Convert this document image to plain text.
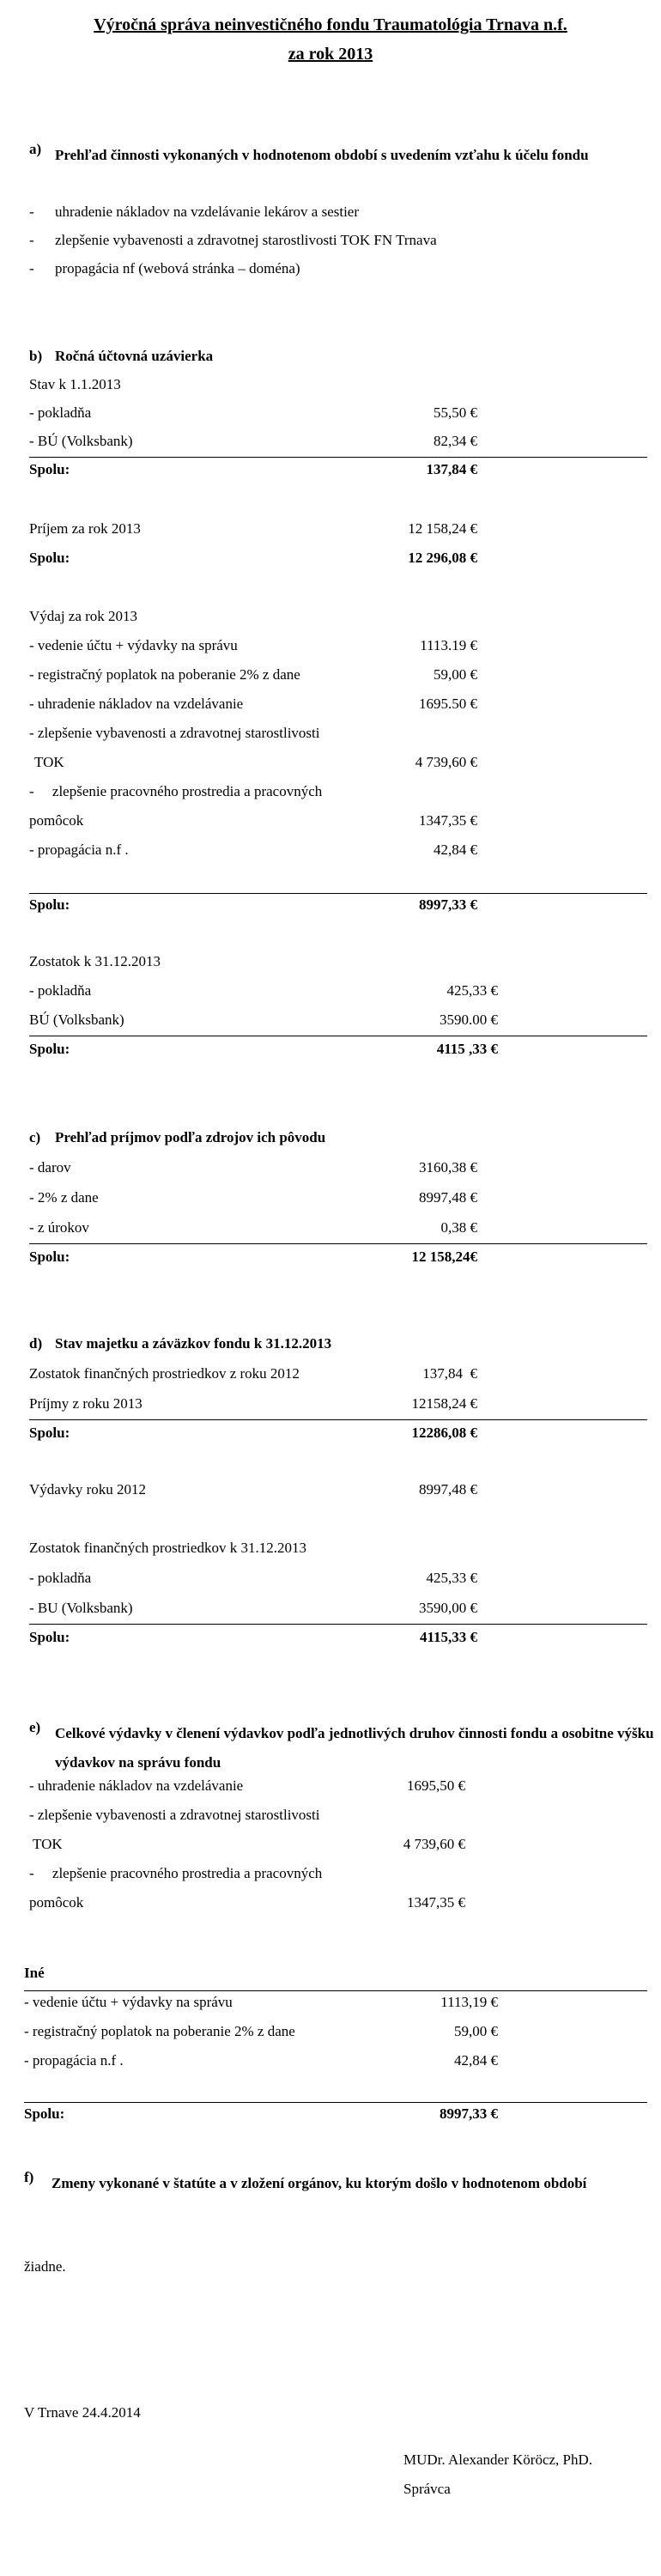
Výročná správa neinvestičného fondu Traumatológia Trnava n.f.
za rok 2013
a) Prehľad činnosti vykonaných v hodnotenom období s uvedením vzťahu k účelu fondu
- uhradenie nákladov na vzdelávanie lekárov a sestier
- zlepšenie vybavenosti a zdravotnej starostlivosti TOK FN Trnava
- propagácia nf (webová stránka – doména)
b) Ročná účtovná uzávierka
Stav k 1.1.2013
- pokladňa	55,50 €
- BÚ (Volksbank)	82,34 €
Spolu:	137,84 €
Príjem za rok 2013	12 158,24 €
Spolu:	12 296,08 €
Výdaj za rok 2013
- vedenie účtu + výdavky na správu	1113.19 €
- registračný poplatok na poberanie 2% z dane	59,00 €
- uhradenie nákladov na vzdelávanie	1695.50 €
- zlepšenie vybavenosti a zdravotnej starostlivosti
TOK	4 739,60 €
-     zlepšenie pracovného prostredia a pracovných
pomôcok	1347,35 €
- propagácia n.f .	42,84 €
Spolu:	8997,33 €
Zostatok k 31.12.2013
- pokladňa	425,33 €
BÚ (Volksbank)	3590.00 €
Spolu:	4115 ,33 €
c) Prehľad príjmov podľa zdrojov ich pôvodu
- darov	3160,38 €
- 2% z dane	8997,48 €
- z úrokov	0,38 €
Spolu:	12 158,24€
d) Stav majetku a záväzkov fondu k 31.12.2013
Zostatok finančných prostriedkov z roku 2012	137,84  €
Príjmy z roku 2013	12158,24 €
Spolu:	12286,08 €
Výdavky roku 2012	8997,48 €
Zostatok finančných prostriedkov k 31.12.2013
- pokladňa	425,33 €
- BU (Volksbank)	3590,00 €
Spolu:	4115,33 €
e) Celkové výdavky v členení výdavkov podľa jednotlivých druhov činnosti fondu a osobitne výšku výdavkov na správu fondu
- uhradenie nákladov na vzdelávanie	1695,50 €
- zlepšenie vybavenosti a zdravotnej starostlivosti
TOK	4 739,60 €
-     zlepšenie pracovného prostredia a pracovných
pomôcok	1347,35 €
Iné
- vedenie účtu + výdavky na správu	1113,19 €
- registračný poplatok na poberanie 2% z dane	59,00 €
- propagácia n.f .	42,84 €
Spolu:	8997,33 €
f) Zmeny vykonané v štatúte a v zložení orgánov, ku ktorým došlo v hodnotenom období
žiadne.
V Trnave 24.4.2014
MUDr. Alexander Köröcz, PhD.
Správca
